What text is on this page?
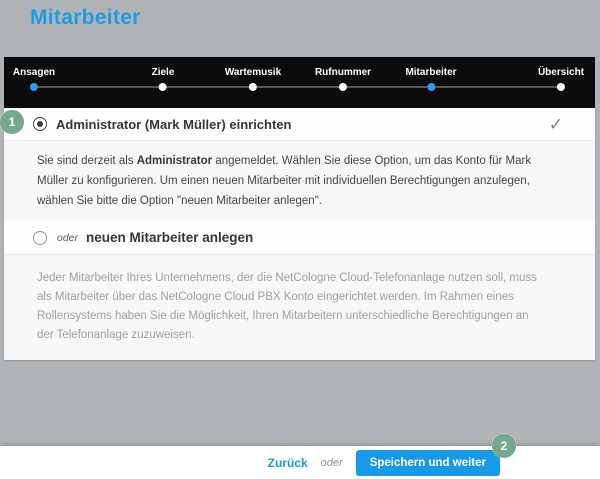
Mitarbeiter
Ansagen	Ziele	Wartemusik	Rufnummer	Mitarbeiter	Übersicht
Administrator (Mark Müller) einrichten	✓
Sie sind derzeit als Administrator angemeldet. Wählen Sie diese Option, um das Konto für Mark Müller zu konfigurieren. Um einen neuen Mitarbeiter mit individuellen Berechtigungen anzulegen, wählen Sie bitte die Option "neuen Mitarbeiter anlegen".
oder neuen Mitarbeiter anlegen
Jeder Mitarbeiter Ihres Unternehmens, der die NetCologne Cloud-Telefonanlage nutzen soll, muss als Mitarbeiter über das NetCologne Cloud PBX Konto eingerichtet werden. Im Rahmen eines Rollensystems haben Sie die Möglichkeit, Ihren Mitarbeitern unterschiedliche Berechtigungen an der Telefonanlage zuzuweisen.
Zurück oder	Speichern und weiter
1
2
